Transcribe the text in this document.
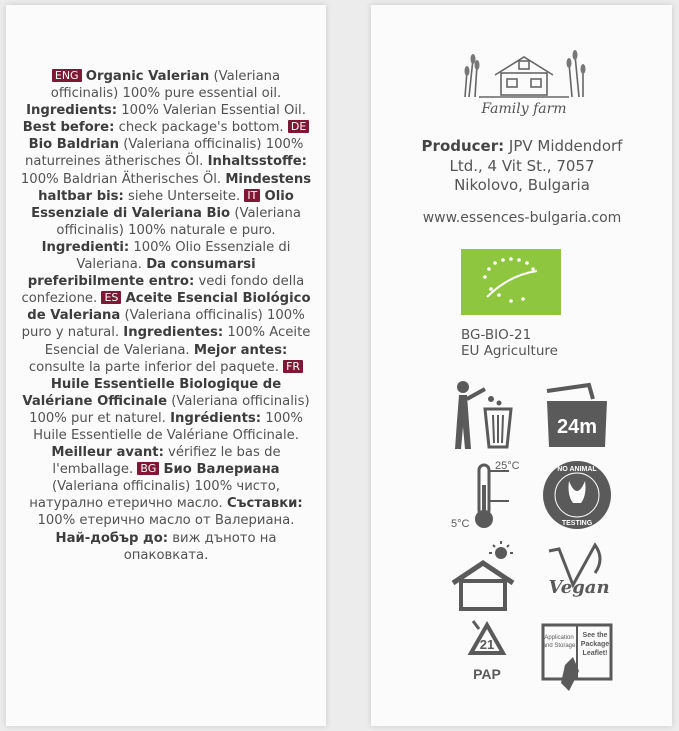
ENG Organic Valerian (Valeriana officinalis) 100% pure essential oil. Ingredients: 100% Valerian Essential Oil. Best before: check package's bottom. DE Bio Baldrian (Valeriana officinalis) 100% naturreines ätherisches Öl. Inhaltsstoffe: 100% Baldrian Ätherisches Öl. Mindestens haltbar bis: siehe Unterseite. IT Olio Essenziale di Valeriana Bio (Valeriana officinalis) 100% naturale e puro. Ingredienti: 100% Olio Essenziale di Valeriana. Da consumarsi preferibilmente entro: vedi fondo della confezione. ES Aceite Esencial Biológico de Valeriana (Valeriana officinalis) 100% puro y natural. Ingredientes: 100% Aceite Esencial de Valeriana. Mejor antes: consulte la parte inferior del paquete. FR Huile Essentielle Biologique de Valériane Officinale (Valeriana officinalis) 100% pur et naturel. Ingrédients: 100% Huile Essentielle de Valériane Officinale. Meilleur avant: vérifiez le bas de l'emballage. BG Био Валериана (Valeriana officinalis) 100% чисто, натурално етерично масло. Съставки: 100% етерично масло от Валериана. Най-добър до: виж дъното на опаковката.
Family farm
Producer: JPV Middendorf
Ltd., 4 Vit St., 7057
Nikolovo, Bulgaria
www.essences-bulgaria.com
BG-BIO-21
EU Agriculture
24m
25°C
5°C
NO ANIMAL
TESTING
Vegan
21
PAP
Application
and Storage
See the
Package
Leaflet!
